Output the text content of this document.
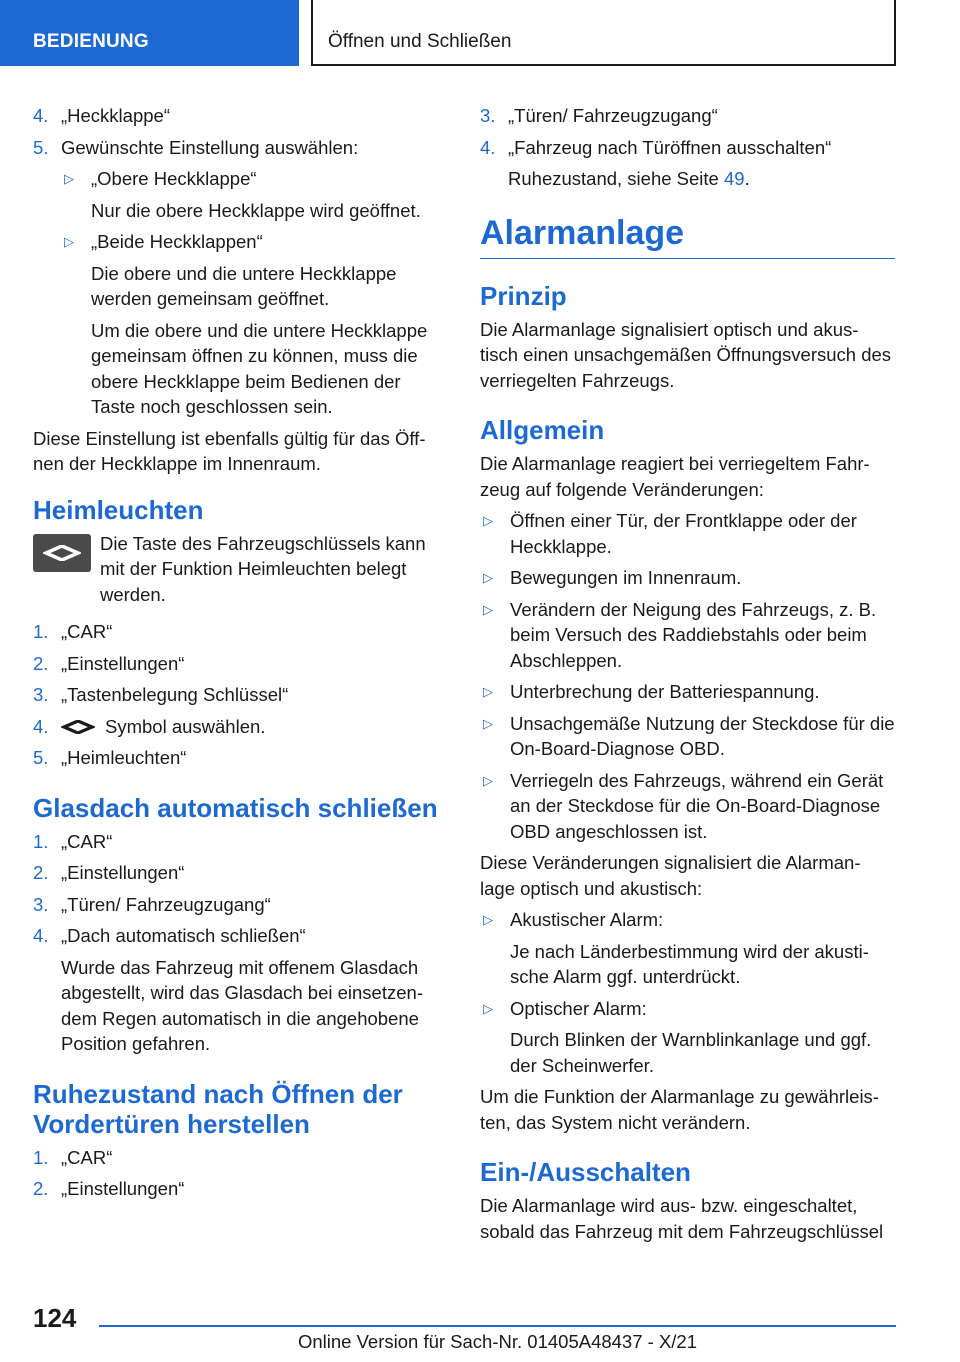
BEDIENUNG	Öffnen und Schließen
4. „Heckklappe“
5. Gewünschte Einstellung auswählen:
▷ „Obere Heckklappe“
Nur die obere Heckklappe wird geöffnet.
▷ „Beide Heckklappen“
Die obere und die untere Heckklappe werden gemeinsam geöffnet.
Um die obere und die untere Heckklappe gemeinsam öffnen zu können, muss die obere Heckklappe beim Bedienen der Taste noch geschlossen sein.
Diese Einstellung ist ebenfalls gültig für das Öff‐ nen der Heckklappe im Innenraum.
Heimleuchten
Die Taste des Fahrzeugschlüssels kann mit der Funktion Heimleuchten belegt werden.
1. „CAR“
2. „Einstellungen“
3. „Tastenbelegung Schlüssel“
4.	Symbol auswählen.
5. „Heimleuchten“
Glasdach automatisch schließen
1. „CAR“
2. „Einstellungen“
3. „Türen/ Fahrzeugzugang“
4. „Dach automatisch schließen“
Wurde das Fahrzeug mit offenem Glasdach abgestellt, wird das Glasdach bei einsetzen‐ dem Regen automatisch in die angehobene Position gefahren.
Ruhezustand nach Öffnen der Vordertüren herstellen
1. „CAR“
2. „Einstellungen“
3. „Türen/ Fahrzeugzugang“
4. „Fahrzeug nach Türöffnen ausschalten“
Ruhezustand, siehe Seite 49.
Alarmanlage
Prinzip
Die Alarmanlage signalisiert optisch und akus‐ tisch einen unsachgemäßen Öffnungsversuch des verriegelten Fahrzeugs.
Allgemein
Die Alarmanlage reagiert bei verriegeltem Fahr‐ zeug auf folgende Veränderungen:
▷ Öffnen einer Tür, der Frontklappe oder der Heckklappe.
▷ Bewegungen im Innenraum.
▷ Verändern der Neigung des Fahrzeugs, z. B. beim Versuch des Raddiebstahls oder beim Abschleppen.
▷ Unterbrechung der Batteriespannung.
▷ Unsachgemäße Nutzung der Steckdose für die On-Board-Diagnose OBD.
▷ Verriegeln des Fahrzeugs, während ein Gerät an der Steckdose für die On-Board-Diagnose OBD angeschlossen ist.
Diese Veränderungen signalisiert die Alarman‐ lage optisch und akustisch:
▷ Akustischer Alarm:
Je nach Länderbestimmung wird der akusti‐ sche Alarm ggf. unterdrückt.
▷ Optischer Alarm:
Durch Blinken der Warnblinkanlage und ggf. der Scheinwerfer.
Um die Funktion der Alarmanlage zu gewährleis‐ ten, das System nicht verändern.
Ein-/Ausschalten
Die Alarmanlage wird aus- bzw. eingeschaltet, sobald das Fahrzeug mit dem Fahrzeugschlüssel
124
Online Version für Sach-Nr. 01405A48437 - X/21
